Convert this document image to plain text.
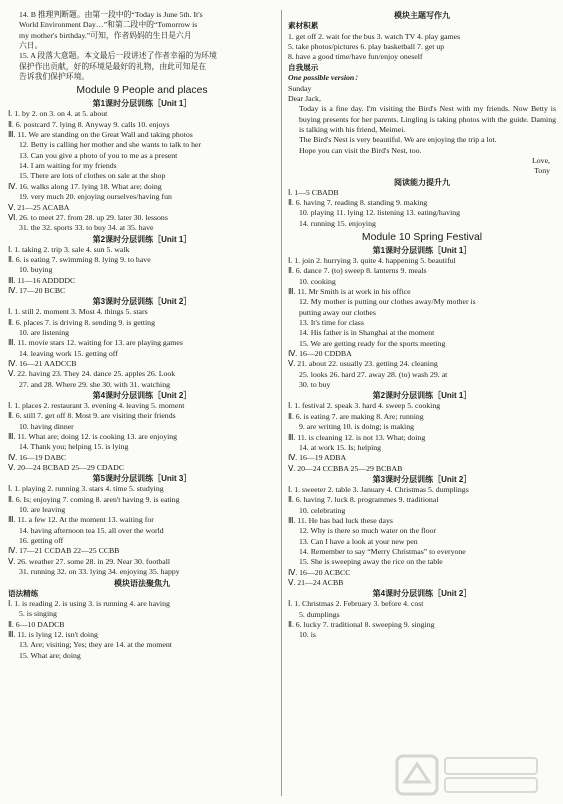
14. B 推理判断题。由第一段中的“Today is June 5th. It's
World Environment Day…”和第二段中的“Tomorrow is
my mother's birthday.”可知，作者妈妈的生日是六月
六日。
15. A 段落大意题。本文最后一段讲述了作者幸福的为环境
保护作出贡献，好的环境是最好的礼物，由此可知是在
告诉我们保护环境。
Module 9 People and places
第1课时分层训练［Unit 1］
Ⅰ. 1. by 2. on 3. on 4. at 5. about
Ⅱ. 6. postcard 7. lying 8. Anyway 9. calls 10. enjoys
Ⅲ. 11. We are standing on the Great Wall and taking photos
12. Betty is calling her mother and she wants to talk to her
13. Can you give a photo of you to me as a present
14. I am waiting for my friends
15. There are lots of clothes on sale at the shop
Ⅳ. 16. walks along 17. lying 18. What are; doing
19. very much 20. enjoying ourselves/having fun
Ⅴ. 21—25 ACABA
Ⅵ. 26. to meet 27. from 28. up 29. later 30. lessons
31. the 32. sports 33. to buy 34. at 35. have
第2课时分层训练［Unit 1］
Ⅰ. 1. taking 2. trip 3. sale 4. sun 5. walk
Ⅱ. 6. is eating 7. swimming 8. lying 9. to have
10. buying
Ⅲ. 11—16 ADDDDC
Ⅳ. 17—20 BCBC
第3课时分层训练［Unit 2］
Ⅰ. 1. still 2. moment 3. Most 4. things 5. stars
Ⅱ. 6. places 7. is driving 8. sending 9. is getting
10. are listening
Ⅲ. 11. movie stars 12. waiting for 13. are playing games
14. leaving work 15. getting off
Ⅳ. 16—21 AADCCB
Ⅴ. 22. having 23. They 24. dance 25. apples 26. Look
27. and 28. Where 29. she 30. with 31. watching
第4课时分层训练［Unit 2］
Ⅰ. 1. places 2. restaurant 3. evening 4. leaving 5. moment
Ⅱ. 6. still 7. get off 8. Most 9. are visiting their friends
10. having dinner
Ⅲ. 11. What are; doing 12. is cooking 13. are enjoying
14. Thank you; helping 15. is lying
Ⅳ. 16—19 DABC
Ⅴ. 20—24 BCBAD 25—29 CDADC
第5课时分层训练［Unit 3］
Ⅰ. 1. playing 2. running 3. stars 4. time 5. studying
Ⅱ. 6. Is; enjoying 7. coming 8. aren't having 9. is eating
10. are leaving
Ⅲ. 11. a few 12. At the moment 13. waiting for
14. having afternoon tea 15. all over the world
16. getting off
Ⅳ. 17—21 CCDAB 22—25 CCBB
Ⅴ. 26. weather 27. some 28. in 29. Near 30. football
31. running 32. on 33. lying 34. enjoying 35. happy
模块语法聚焦九
语法精练
Ⅰ. 1. is reading 2. is using 3. is running 4. are having
5. is singing
Ⅱ. 6—10 DADCB
Ⅲ. 11. is lying 12. isn't doing
13. Are; visiting; Yes; they are 14. at the moment
15. What are; doing
模块主题写作九
素材积累
1. get off 2. wait for the bus 3. watch TV 4. play games
5. take photos/pictures 6. play basketball 7. get up
8. have a good time/have fun/enjoy oneself
自我展示
One possible version：
Sunday
Dear Jack,
Today is a fine day. I'm visiting the Bird's Nest with my friends. Now Betty is buying presents for her parents. Lingling is taking photos with the guide. Daming is talking with his friend, Meimei.
The Bird's Nest is very beautiful. We are enjoying the trip a lot.
Hope you can visit the Bird's Nest, too.
Love,
Tony
阅读能力提升九
Ⅰ. 1—5 CBADB
Ⅱ. 6. having 7. reading 8. standing 9. making
10. playing 11. lying 12. listening 13. eating/having
14. running 15. enjoying
Module 10 Spring Festival
第1课时分层训练［Unit 1］
Ⅰ. 1. join 2. hurrying 3. quite 4. happening 5. beautiful
Ⅱ. 6. dance 7. (to) sweep 8. lanterns 9. meals
10. cooking
Ⅲ. 11. Mr Smith is at work in his office
12. My mother is putting our clothes away/My mother is
putting away our clothes
13. It's time for class
14. His father is in Shanghai at the moment
15. We are getting ready for the sports meeting
Ⅳ. 16—20 CDDBA
Ⅴ. 21. about 22. usually 23. getting 24. cleaning
25. looks 26. hard 27. away 28. (to) wash 29. at
30. to buy
第2课时分层训练［Unit 1］
Ⅰ. 1. festival 2. speak 3. hard 4. sweep 5. cooking
Ⅱ. 6. is eating 7. are making 8. Are; running
9. are writing 10. is doing; is making
Ⅲ. 11. is cleaning 12. is not 13. What; doing
14. at work 15. Is; helping
Ⅳ. 16—19 ADBA
Ⅴ. 20—24 CCBBA 25—29 BCBAB
第3课时分层训练［Unit 2］
Ⅰ. 1. sweeter 2. table 3. January 4. Christmas 5. dumplings
Ⅱ. 6. having 7. luck 8. programmes 9. traditional
10. celebrating
Ⅲ. 11. He has bad luck these days
12. Why is there so much water on the floor
13. Can I have a look at your new pen
14. Remember to say “Merry Christmas” to everyone
15. She is sweeping away the rice on the table
Ⅳ. 16—20 ACBCC
Ⅴ. 21—24 ACBB
第4课时分层训练［Unit 2］
Ⅰ. 1. Christmas 2. February 3. before 4. cost
5. dumplings
Ⅱ. 6. lucky 7. traditional 8. sweeping 9. singing
10. is
